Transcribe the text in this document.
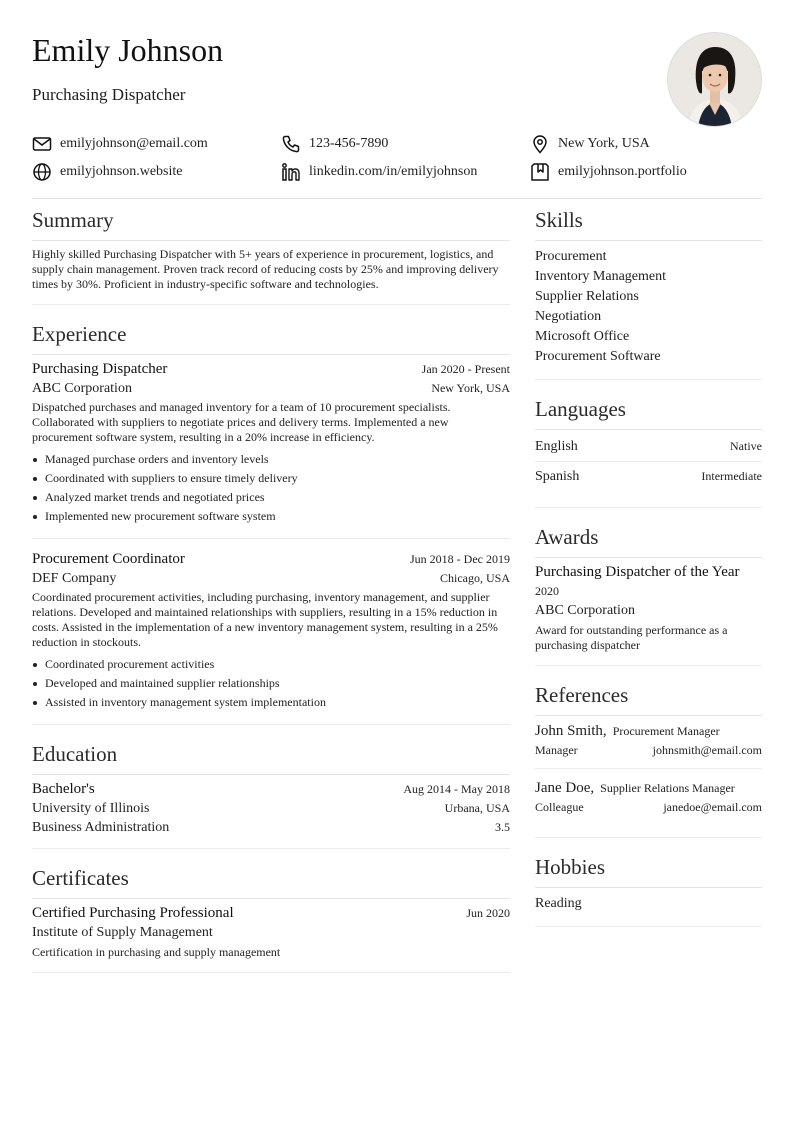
Emily Johnson
Purchasing Dispatcher
emilyjohnson@email.com	123-456-7890	New York, USA
emilyjohnson.website	linkedin.com/in/emilyjohnson	emilyjohnson.portfolio
Summary

Highly skilled Purchasing Dispatcher with 5+ years of experience in procurement, logistics, and supply chain management. Proven track record of reducing costs by 25% and improving delivery times by 30%. Proficient in industry-specific software and technologies.

Experience
Purchasing Dispatcher	Jan 2020 - Present
ABC Corporation	New York, USA

Dispatched purchases and managed inventory for a team of 10 procurement specialists. Collaborated with suppliers to negotiate prices and delivery terms. Implemented a new procurement software system, resulting in a 20% increase in efficiency.

Managed purchase orders and inventory levels
Coordinated with suppliers to ensure timely delivery
Analyzed market trends and negotiated prices
Implemented new procurement software system
Procurement Coordinator	Jun 2018 - Dec 2019
DEF Company	Chicago, USA

Coordinated procurement activities, including purchasing, inventory management, and supplier relations. Developed and maintained relationships with suppliers, resulting in a 15% reduction in costs. Assisted in the implementation of a new inventory management system, resulting in a 25% reduction in stockouts.

Coordinated procurement activities
Developed and maintained supplier relationships
Assisted in inventory management system implementation
Education
Bachelor's	Aug 2014 - May 2018
University of Illinois	Urbana, USA
Business Administration	3.5
Certificates
Certified Purchasing Professional	Jun 2020
Institute of Supply Management

Certification in purchasing and supply management

Skills
Procurement
Inventory Management
Supplier Relations
Negotiation
Microsoft Office
Procurement Software
Languages
English	Native
Spanish	Intermediate
Awards
Purchasing Dispatcher of the Year
2020
ABC Corporation

Award for outstanding performance as a purchasing dispatcher

References
John Smith, Procurement Manager
Manager	johnsmith@email.com
Jane Doe, Supplier Relations Manager
Colleague	janedoe@email.com
Hobbies
Reading
